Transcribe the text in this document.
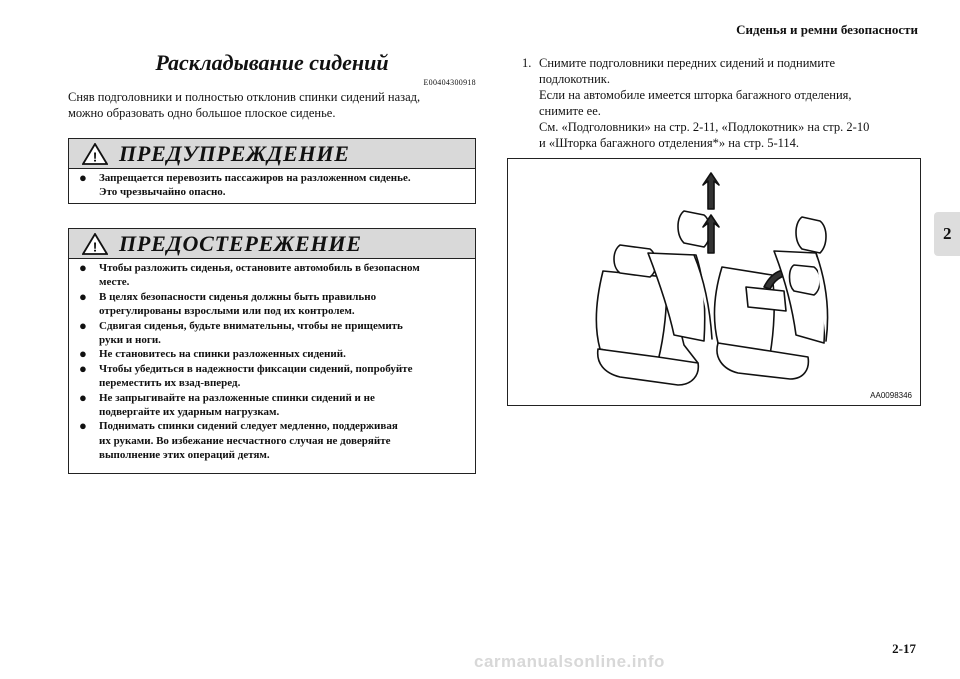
Сиденья и ремни безопасности
2
2-17
Раскладывание сидений
E00404300918
Сняв подголовники и полностью отклонив спинки сидений назад,
можно образовать одно большое плоское сиденье.
! ПРЕДУПРЕЖДЕНИЕ
●	Запрещается перевозить пассажиров на разложенном сиденье.
Это чрезвычайно опасно.
! ПРЕДОСТЕРЕЖЕНИЕ
●	Чтобы разложить сиденья, остановите автомобиль в безопасном
месте.
●	В целях безопасности сиденья должны быть правильно
отрегулированы взрослыми или под их контролем.
●	Сдвигая сиденья, будьте внимательны, чтобы не прищемить
руки и ноги.
●	Не становитесь на спинки разложенных сидений.
●	Чтобы убедиться в надежности фиксации сидений, попробуйте
переместить их взад-вперед.
●	Не запрыгивайте на разложенные спинки сидений и не
подвергайте их ударным нагрузкам.
●	Поднимать спинки сидений следует медленно, поддерживая
их руками. Во избежание несчастного случая не доверяйте
выполнение этих операций детям.
1. Снимите подголовники передних сидений и поднимите
подлокотник.
Если на автомобиле имеется шторка багажного отделения,
снимите ее.
См. «Подголовники» на стр. 2-11, «Подлокотник» на стр. 2-10
и «Шторка багажного отделения*» на стр. 5-114.
AA0098346
carmanualsonline.info
